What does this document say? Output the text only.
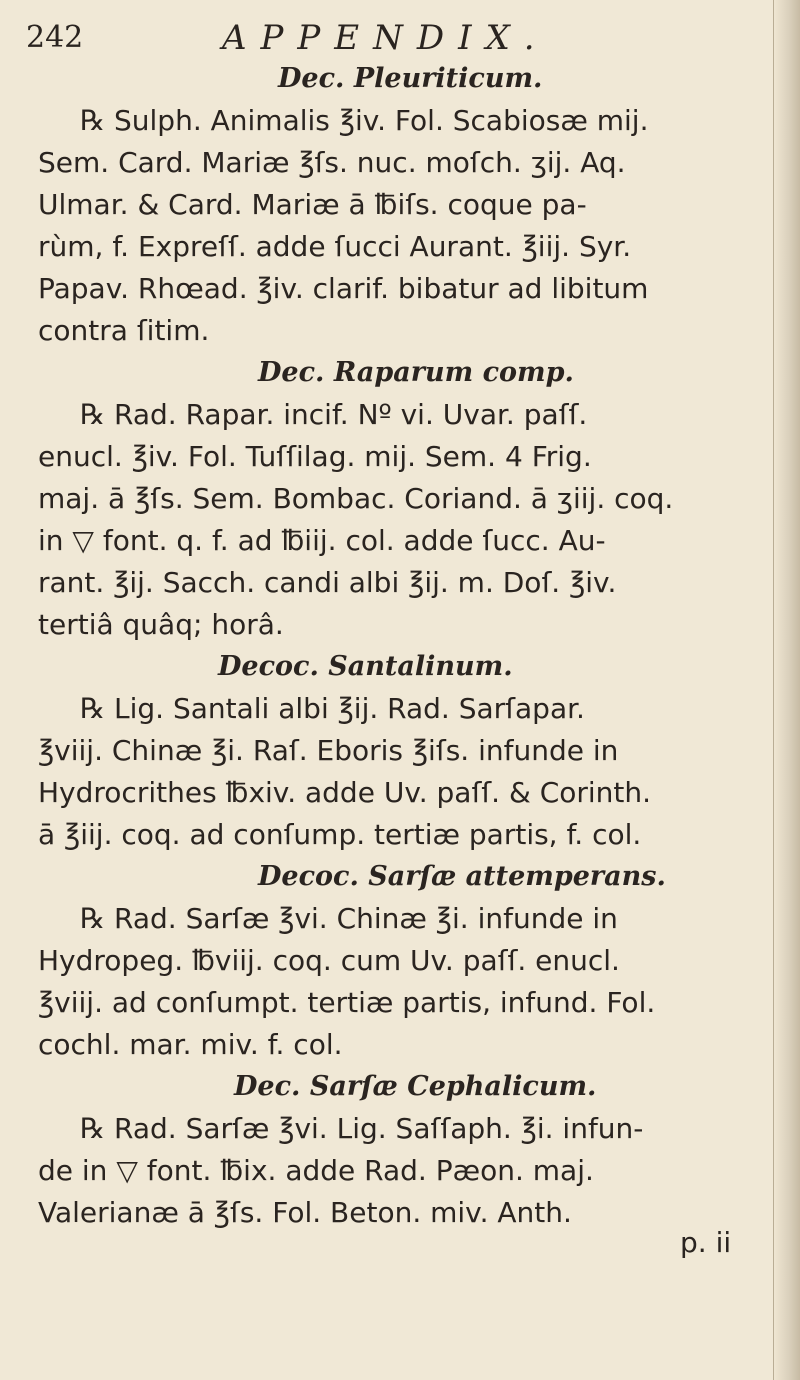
242	APPENDIX.
Dec. Pleuriticum.
℞ Sulph. Animalis ℥iv. Fol. Scabiosæ mij.
Sem. Card. Mariæ ℥ſs. nuc. moſch. ʒij. Aq.
Ulmar. & Card. Mariæ ā ℔iſs. coque pa-
rùm, f. Expreſſ. adde ſucci Aurant. ℥iij. Syr.
Papav. Rhœad. ℥iv. clarif. bibatur ad libitum
contra ſitim.
Dec. Raparum comp.
℞ Rad. Rapar. incif. Nº vi. Uvar. paſſ.
enucl. ℥iv. Fol. Tuſſilag. mij. Sem. 4 Frig.
maj. ā ℥ſs. Sem. Bombac. Coriand. ā ʒiij. coq.
in ▽ font. q. f. ad ℔iij. col. adde ſucc. Au-
rant. ℥ij. Sacch. candi albi ℥ij. m. Doſ. ℥iv.
tertiâ quâq; horâ.
Decoc. Santalinum.
℞ Lig. Santali albi ℥ij. Rad. Sarſapar.
℥viij. Chinæ ℥i. Raſ. Eboris ℥iſs. infunde in
Hydrocrithes ℔xiv. adde Uv. paſſ. & Corinth.
ā ℥iij. coq. ad conſump. tertiæ partis, f. col.
Decoc. Sarſæ attemperans.
℞ Rad. Sarſæ ℥vi. Chinæ ℥i. infunde in
Hydropeg. ℔viij. coq. cum Uv. paſſ. enucl.
℥viij. ad conſumpt. tertiæ partis, infund. Fol.
cochl. mar. miv. f. col.
Dec. Sarſæ Cephalicum.
℞ Rad. Sarſæ ℥vi. Lig. Saſſaph. ℥i. infun-
de in ▽ font. ℔ix. adde Rad. Pæon. maj.
Valerianæ ā ℥ſs. Fol. Beton. miv. Anth.
p. ii
